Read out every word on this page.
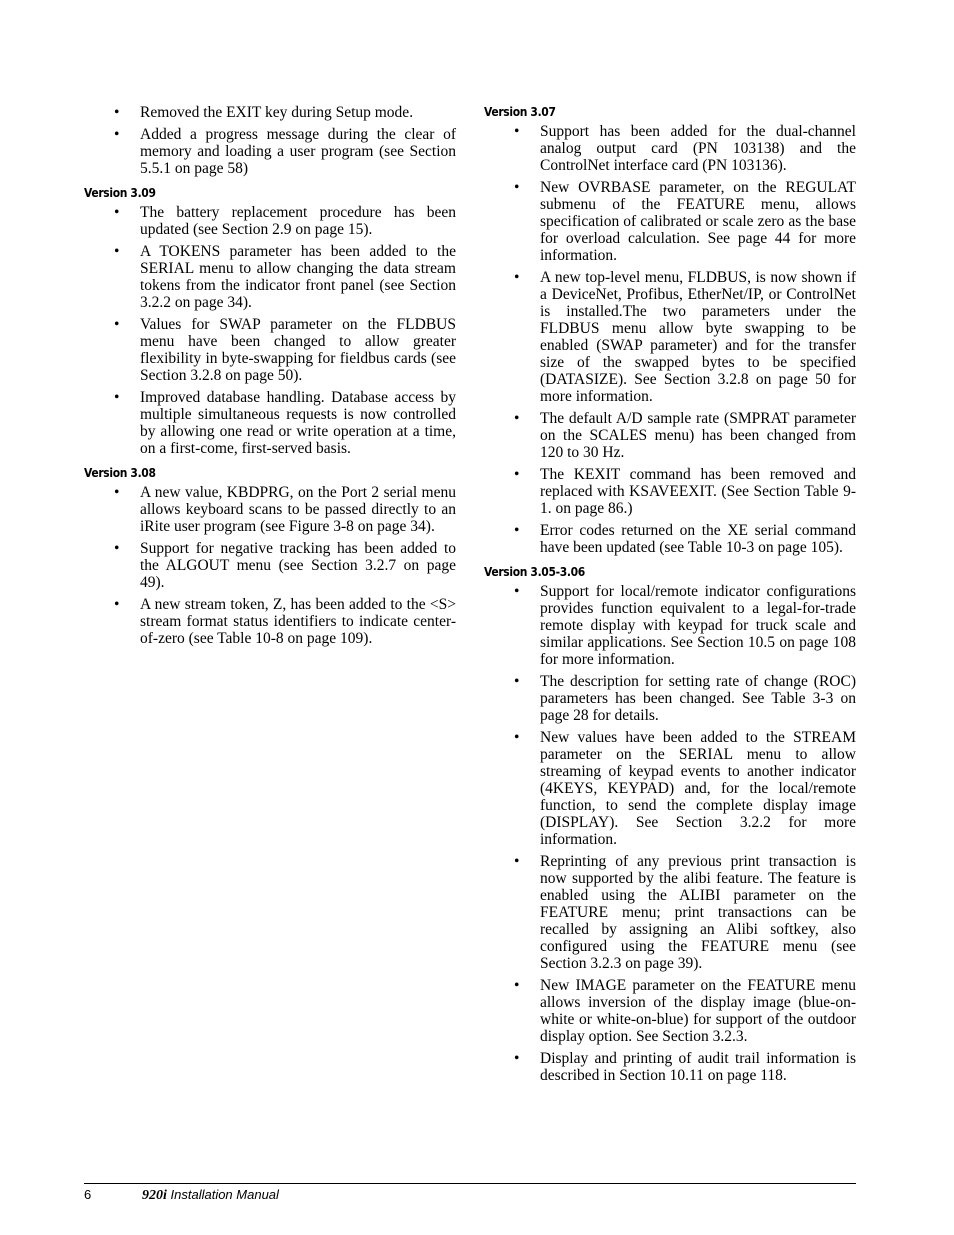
• Removed the EXIT key during Setup mode.
• Added a progress message during the clear of memory and loading a user program (see Section 5.5.1 on page 58)
Version 3.09
• The battery replacement procedure has been updated (see Section 2.9 on page 15).
• A TOKENS parameter has been added to the SERIAL menu to allow changing the data stream tokens from the indicator front panel (see Section 3.2.2 on page 34).
• Values for SWAP parameter on the FLDBUS menu have been changed to allow greater flexibility in byte-swapping for fieldbus cards (see Section 3.2.8 on page 50).
• Improved database handling. Database access by multiple simultaneous requests is now controlled by allowing one read or write operation at a time, on a first-come, first-served basis.
Version 3.08
• A new value, KBDPRG, on the Port 2 serial menu allows keyboard scans to be passed directly to an iRite user program (see Figure 3-8 on page 34).
• Support for negative tracking has been added to the ALGOUT menu (see Section 3.2.7 on page 49).
• A new stream token, Z, has been added to the <S> stream format status identifiers to indicate center-of-zero (see Table 10-8 on page 109).
Version 3.07
• Support has been added for the dual-channel analog output card (PN 103138) and the ControlNet interface card (PN 103136).
• New OVRBASE parameter, on the REGULAT submenu of the FEATURE menu, allows specification of calibrated or scale zero as the base for overload calculation. See page 44 for more information.
• A new top-level menu, FLDBUS, is now shown if a DeviceNet, Profibus, EtherNet/IP, or ControlNet is installed.The two parameters under the FLDBUS menu allow byte swapping to be enabled (SWAP parameter) and for the transfer size of the swapped bytes to be specified (DATASIZE). See Section 3.2.8 on page 50 for more information.
• The default A/D sample rate (SMPRAT parameter on the SCALES menu) has been changed from 120 to 30 Hz.
• The KEXIT command has been removed and replaced with KSAVEEXIT. (See Section Table 9-1. on page 86.)
• Error codes returned on the XE serial command have been updated (see Table 10-3 on page 105).
Version 3.05-3.06
• Support for local/remote indicator configurations provides function equivalent to a legal-for-trade remote display with keypad for truck scale and similar applications. See Section 10.5 on page 108 for more information.
• The description for setting rate of change (ROC) parameters has been changed. See Table 3-3 on page 28 for details.
• New values have been added to the STREAM parameter on the SERIAL menu to allow streaming of keypad events to another indicator (4KEYS, KEYPAD) and, for the local/remote function, to send the complete display image (DISPLAY). See Section 3.2.2 for more information.
• Reprinting of any previous print transaction is now supported by the alibi feature. The feature is enabled using the ALIBI parameter on the FEATURE menu; print transactions can be recalled by assigning an Alibi softkey, also configured using the FEATURE menu (see Section 3.2.3 on page 39).
• New IMAGE parameter on the FEATURE menu allows inversion of the display image (blue-on-white or white-on-blue) for support of the outdoor display option. See Section 3.2.3.
• Display and printing of audit trail information is described in Section 10.11 on page 118.
6	920i Installation Manual
